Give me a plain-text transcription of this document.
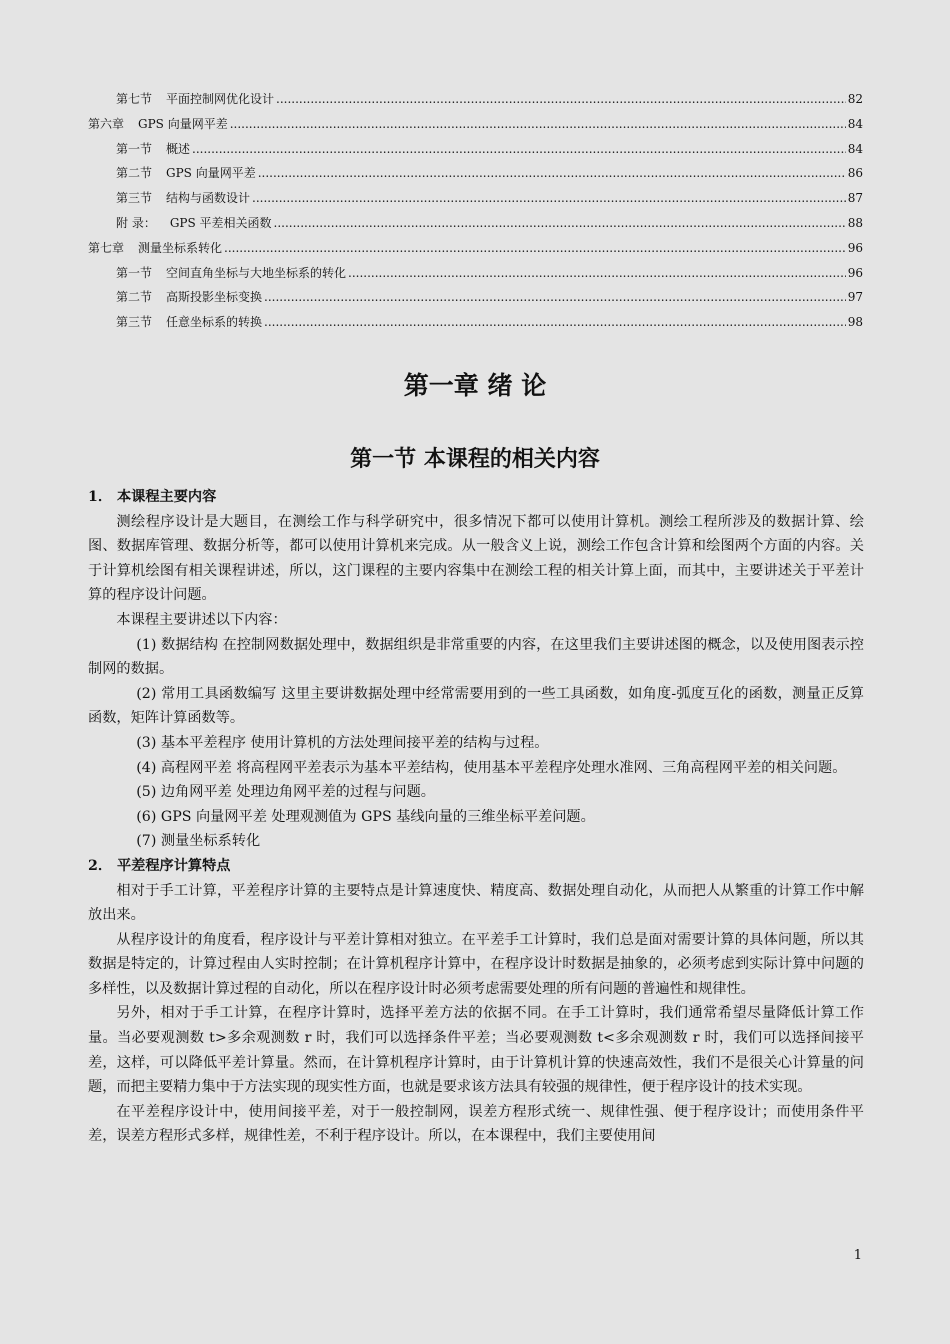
第七节 平面控制网优化设计 .....	82
第六章 GPS 向量网平差 .....	84
第一节 概述 .....	84
第二节 GPS 向量网平差 .....	86
第三节 结构与函数设计 .....	87
附 录： GPS 平差相关函数 .....	88
第七章 测量坐标系转化 .....	96
第一节 空间直角坐标与大地坐标系的转化 .....	96
第二节 高斯投影坐标变换 .....	97
第三节 任意坐标系的转换 .....	98
第一章 绪 论
第一节 本课程的相关内容
1． 本课程主要内容

测绘程序设计是大题目，在测绘工作与科学研究中，很多情况下都可以使用计算机。测绘工程所涉及的数据计算、绘图、数据库管理、数据分析等，都可以使用计算机来完成。从一般含义上说，测绘工作包含计算和绘图两个方面的内容。关于计算机绘图有相关课程讲述，所以，这门课程的主要内容集中在测绘工程的相关计算上面，而其中，主要讲述关于平差计算的程序设计问题。

本课程主要讲述以下内容：

(1) 数据结构 在控制网数据处理中，数据组织是非常重要的内容，在这里我们主要讲述图的概念，以及使用图表示控制网的数据。

(2) 常用工具函数编写 这里主要讲数据处理中经常需要用到的一些工具函数，如角度-弧度互化的函数，测量正反算函数，矩阵计算函数等。

(3) 基本平差程序 使用计算机的方法处理间接平差的结构与过程。

(4) 高程网平差 将高程网平差表示为基本平差结构，使用基本平差程序处理水准网、三角高程网平差的相关问题。

(5) 边角网平差 处理边角网平差的过程与问题。

(6) GPS 向量网平差 处理观测值为 GPS 基线向量的三维坐标平差问题。

(7) 测量坐标系转化

2． 平差程序计算特点

相对于手工计算，平差程序计算的主要特点是计算速度快、精度高、数据处理自动化，从而把人从繁重的计算工作中解放出来。

从程序设计的角度看，程序设计与平差计算相对独立。在平差手工计算时，我们总是面对需要计算的具体问题，所以其数据是特定的，计算过程由人实时控制；在计算机程序计算中，在程序设计时数据是抽象的，必须考虑到实际计算中问题的多样性，以及数据计算过程的自动化，所以在程序设计时必须考虑需要处理的所有问题的普遍性和规律性。

另外，相对于手工计算，在程序计算时，选择平差方法的依据不同。在手工计算时，我们通常希望尽量降低计算工作量。当必要观测数 t>多余观测数 r 时，我们可以选择条件平差；当必要观测数 t<多余观测数 r 时，我们可以选择间接平差，这样，可以降低平差计算量。然而，在计算机程序计算时，由于计算机计算的快速高效性，我们不是很关心计算量的问题，而把主要精力集中于方法实现的现实性方面，也就是要求该方法具有较强的规律性，便于程序设计的技术实现。

在平差程序设计中，使用间接平差，对于一般控制网，误差方程形式统一、规律性强、便于程序设计；而使用条件平差，误差方程形式多样，规律性差，不利于程序设计。所以，在本课程中，我们主要使用间

1
